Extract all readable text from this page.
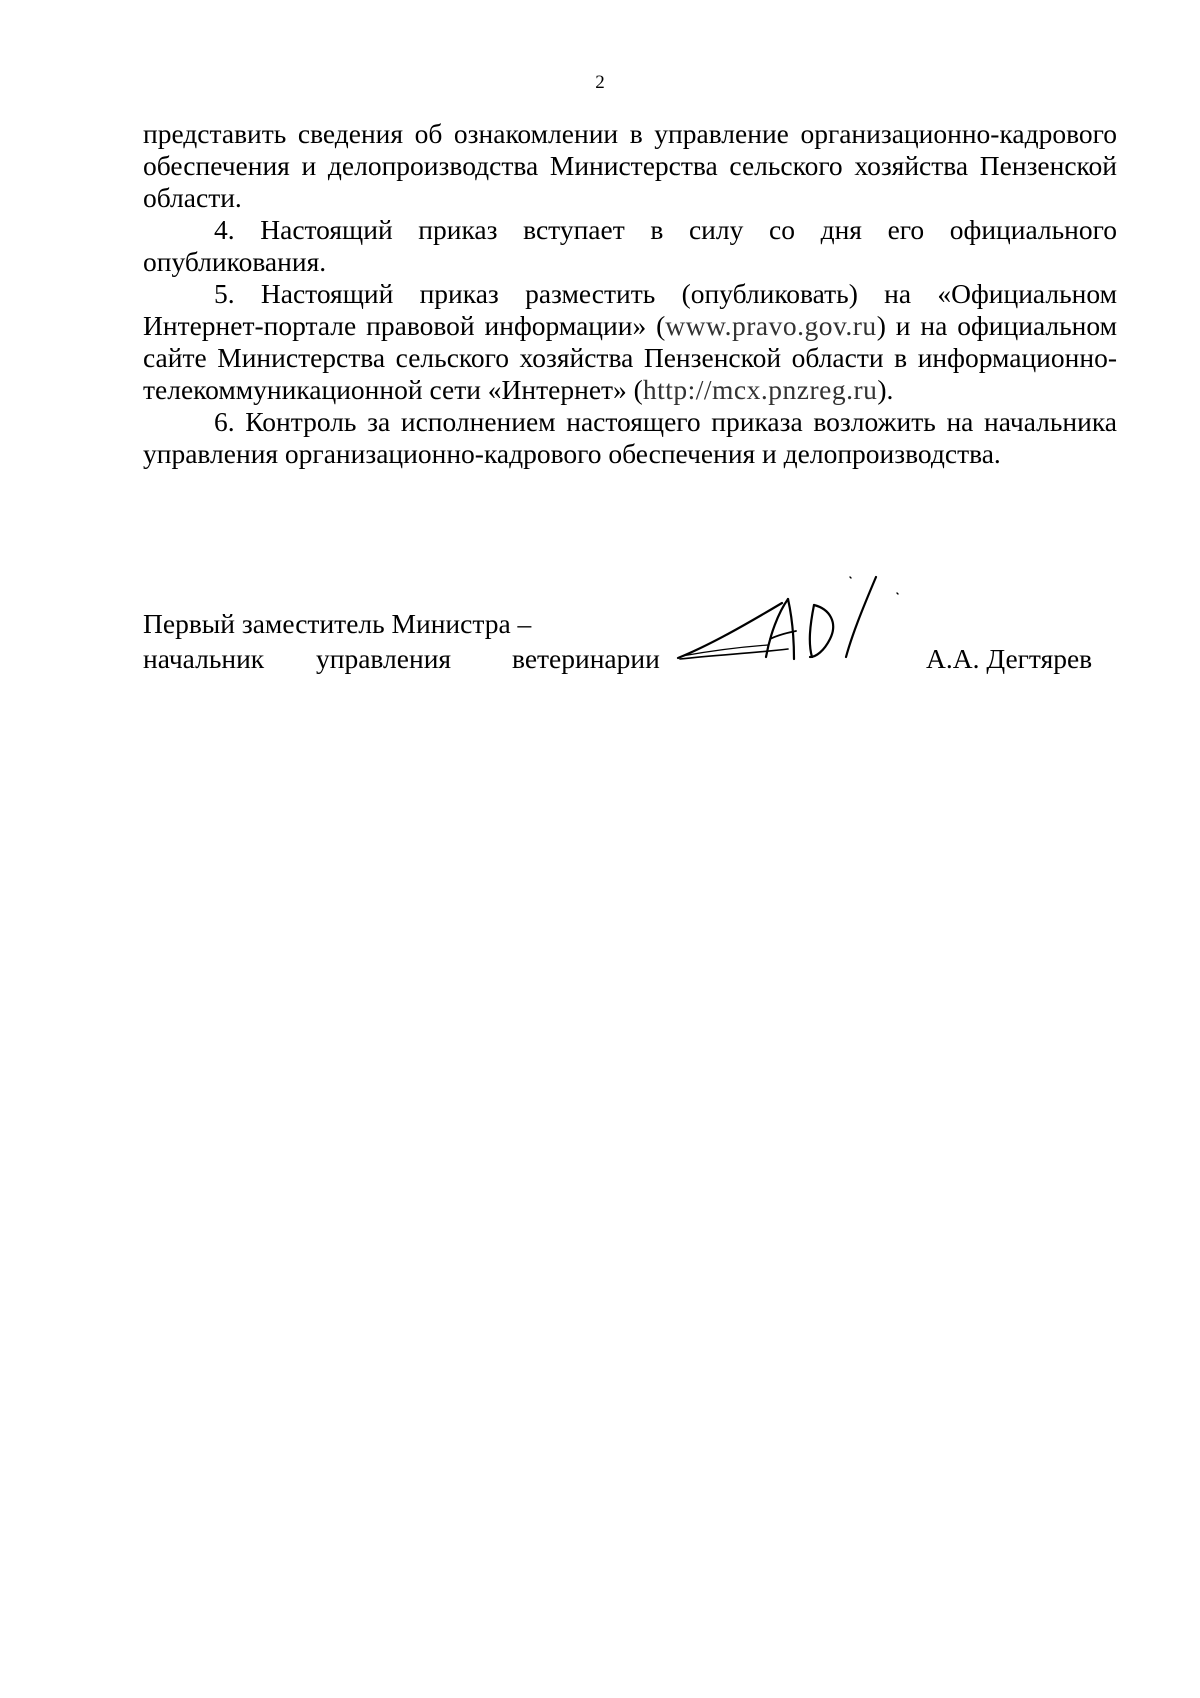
2

представить сведения об ознакомлении в управление организационно-кадрового обеспечения и делопроизводства Министерства сельского хозяйства Пензенской области.

4. Настоящий приказ вступает в силу со дня его официального опубликования.

5. Настоящий приказ разместить (опубликовать) на «Официальном Интернет-портале правовой информации» (www.pravo.gov.ru) и на официальном сайте Министерства сельского хозяйства Пензенской области в информационно-телекоммуникационной сети «Интернет» (http://mcx.pnzreg.ru).

6. Контроль за исполнением настоящего приказа возложить на начальника управления организационно-кадрового обеспечения и делопроизводства.

Первый заместитель Министра –
начальник управления ветеринарии	А.А. Дегтярев
